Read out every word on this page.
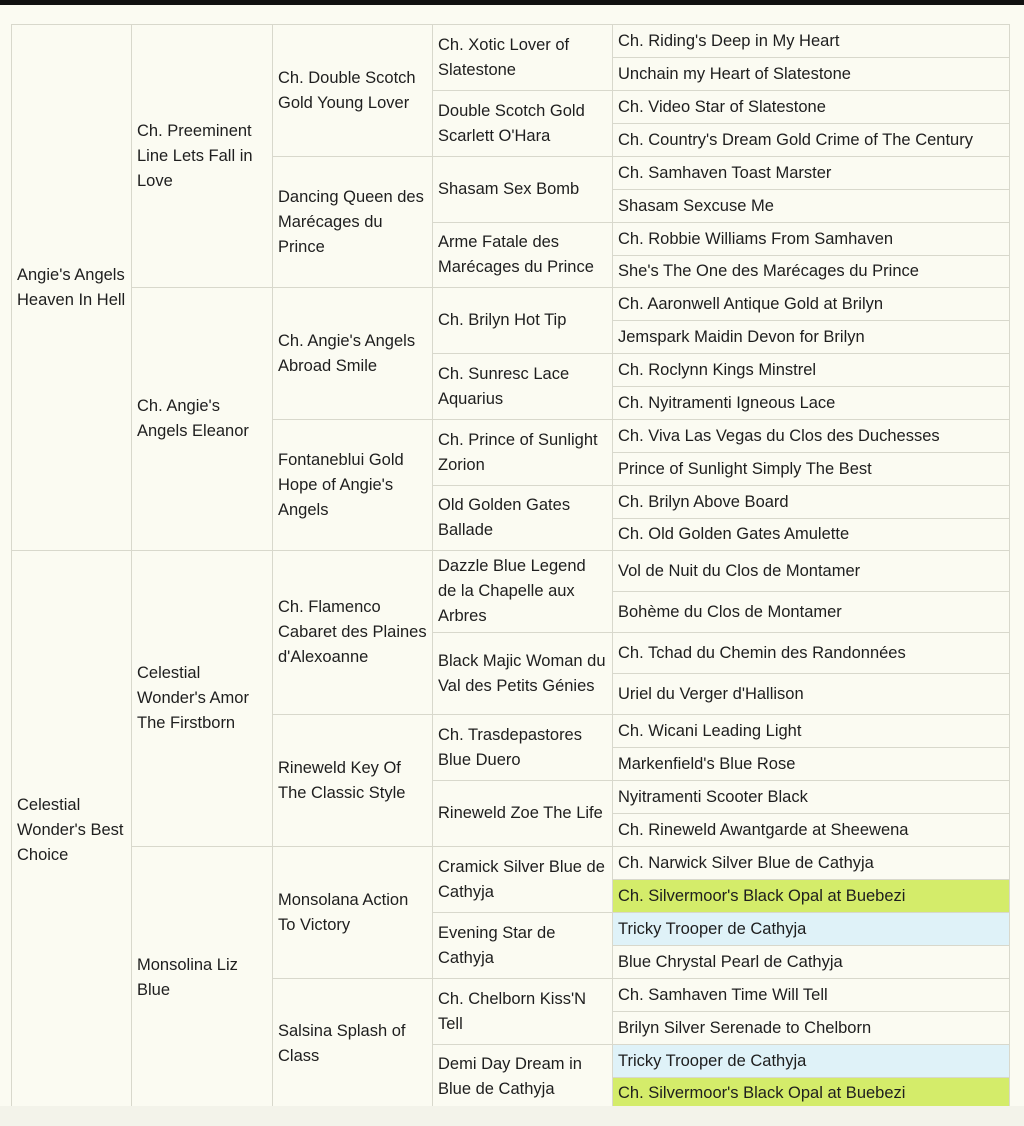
Angie's Angels Heaven In Hell	Ch. Preeminent Line Lets Fall in Love	Ch. Double Scotch Gold Young Lover	Ch. Xotic Lover of Slatestone	Ch. Riding's Deep in My Heart
				Unchain my Heart of Slatestone
			Double Scotch Gold Scarlett O'Hara	Ch. Video Star of Slatestone
				Ch. Country's Dream Gold Crime of The Century
		Dancing Queen des Marécages du Prince	Shasam Sex Bomb	Ch. Samhaven Toast Marster
				Shasam Sexcuse Me
			Arme Fatale des Marécages du Prince	Ch. Robbie Williams From Samhaven
				She's The One des Marécages du Prince
	Ch. Angie's Angels Eleanor	Ch. Angie's Angels Abroad Smile	Ch. Brilyn Hot Tip	Ch. Aaronwell Antique Gold at Brilyn
				Jemspark Maidin Devon for Brilyn
			Ch. Sunresc Lace Aquarius	Ch. Roclynn Kings Minstrel
				Ch. Nyitramenti Igneous Lace
		Fontaneblui Gold Hope of Angie's Angels	Ch. Prince of Sunlight Zorion	Ch. Viva Las Vegas du Clos des Duchesses
				Prince of Sunlight Simply The Best
			Old Golden Gates Ballade	Ch. Brilyn Above Board
				Ch. Old Golden Gates Amulette
Celestial Wonder's Best Choice	Celestial Wonder's Amor The Firstborn	Ch. Flamenco Cabaret des Plaines d'Alexoanne	Dazzle Blue Legend de la Chapelle aux Arbres	Vol de Nuit du Clos de Montamer
				Bohème du Clos de Montamer
			Black Majic Woman du Val des Petits Génies	Ch. Tchad du Chemin des Randonnées
				Uriel du Verger d'Hallison
		Rineweld Key Of The Classic Style	Ch. Trasdepastores Blue Duero	Ch. Wicani Leading Light
				Markenfield's Blue Rose
			Rineweld Zoe The Life	Nyitramenti Scooter Black
				Ch. Rineweld Awantgarde at Sheewena
	Monsolina Liz Blue	Monsolana Action To Victory	Cramick Silver Blue de Cathyja	Ch. Narwick Silver Blue de Cathyja
				Ch. Silvermoor's Black Opal at Buebezi
			Evening Star de Cathyja	Tricky Trooper de Cathyja
				Blue Chrystal Pearl de Cathyja
		Salsina Splash of Class	Ch. Chelborn Kiss'N Tell	Ch. Samhaven Time Will Tell
				Brilyn Silver Serenade to Chelborn
			Demi Day Dream in Blue de Cathyja	Tricky Trooper de Cathyja
				Ch. Silvermoor's Black Opal at Buebezi
